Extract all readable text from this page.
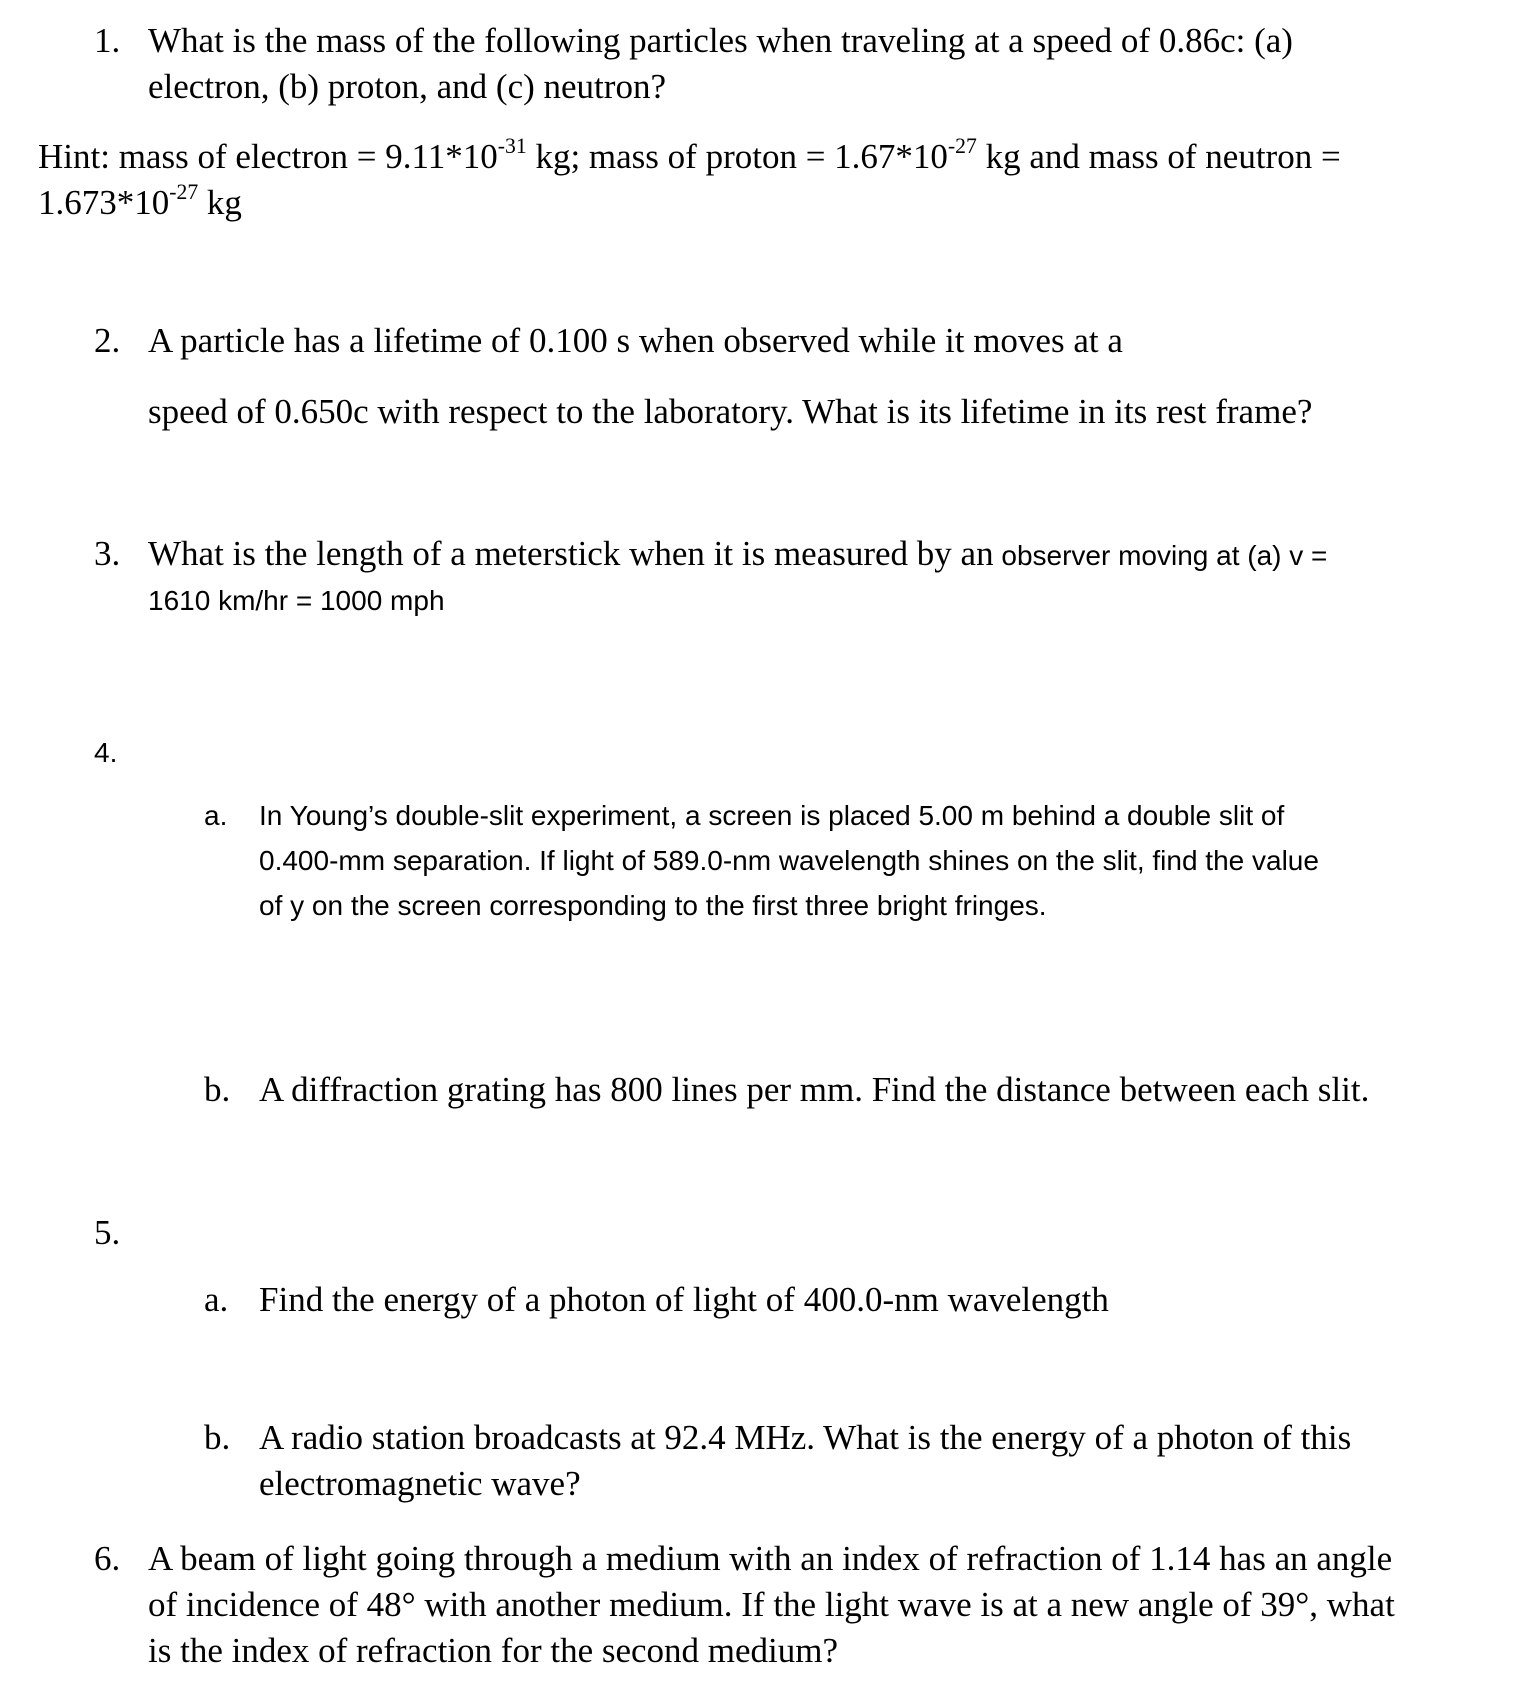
1. What is the mass of the following particles when traveling at a speed of 0.86c: (a)
electron, (b) proton, and (c) neutron?
Hint: mass of electron = $9.11*10^{-31}$ kg; mass of proton = $1.67*10^{-27}$ kg and mass of neutron =
$1.673*10^{-27}$ kg
2. A particle has a lifetime of 0.100 s when observed while it moves at a
speed of 0.650c with respect to the laboratory. What is its lifetime in its rest frame?
3. What is the length of a meterstick when it is measured by an observer moving at (a) v =
1610 km/hr = 1000 mph
4.
a. In Young’s double-slit experiment, a screen is placed 5.00 m behind a double slit of
0.400-mm separation. If light of 589.0-nm wavelength shines on the slit, find the value
of y on the screen corresponding to the first three bright fringes.
b. A diffraction grating has 800 lines per mm. Find the distance between each slit.
5.
a. Find the energy of a photon of light of 400.0-nm wavelength
b. A radio station broadcasts at 92.4 MHz. What is the energy of a photon of this
electromagnetic wave?
6. A beam of light going through a medium with an index of refraction of 1.14 has an angle
of incidence of 48° with another medium. If the light wave is at a new angle of 39°, what
is the index of refraction for the second medium?
